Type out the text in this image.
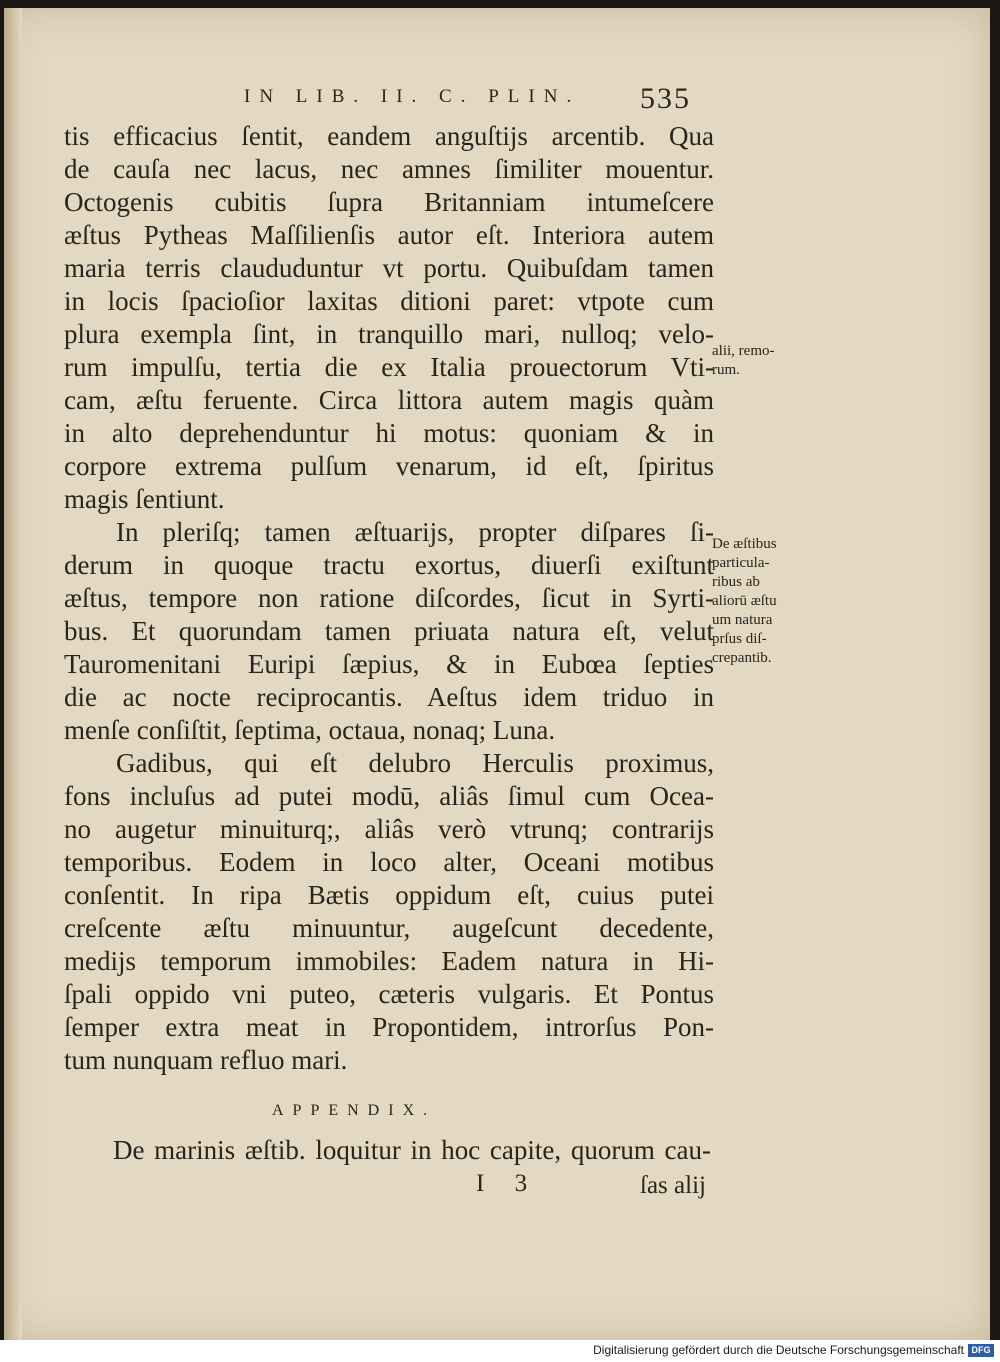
IN LIB. II. C. PLIN. 535
tis efficacius ſentit, eandem anguſtijs arcentib. Qua
de cauſa nec lacus, nec amnes ſimiliter mouentur.
Octogenis cubitis ſupra Britanniam intumeſcere
æſtus Pytheas Maſſilienſis autor eſt. Interiora autem
maria terris claududuntur vt portu. Quibuſdam tamen
in locis ſpacioſior laxitas ditioni paret: vtpote cum
plura exempla ſint, in tranquillo mari, nulloq; velo-
rum impulſu, tertia die ex Italia prouectorum Vti-
cam, æſtu feruente. Circa littora autem magis quàm
in alto deprehenduntur hi motus: quoniam & in
corpore extrema pulſum venarum, id eſt, ſpiritus
magis ſentiunt.
In pleriſq; tamen æſtuarijs, propter diſpares ſi-
derum in quoque tractu exortus, diuerſi exiſtunt
æſtus, tempore non ratione diſcordes, ſicut in Syrti-
bus. Et quorundam tamen priuata natura eſt, velut
Tauromenitani Euripi ſæpius, & in Eubœa ſepties
die ac nocte reciprocantis. Aeſtus idem triduo in
menſe conſiſtit, ſeptima, octaua, nonaq; Luna.
Gadibus, qui eſt delubro Herculis proximus,
fons incluſus ad putei modū, aliâs ſimul cum Ocea-
no augetur minuiturq;, aliâs verò vtrunq; contrarijs
temporibus. Eodem in loco alter, Oceani motibus
conſentit. In ripa Bætis oppidum eſt, cuius putei
creſcente æſtu minuuntur, augeſcunt decedente,
medijs temporum immobiles: Eadem natura in Hi-
ſpali oppido vni puteo, cæteris vulgaris. Et Pontus
ſemper extra meat in Propontidem, introrſus Pon-
tum nunquam refluo mari.
alii, remo-
rum.
De æſtibus
particula-
ribus ab
aliorū æſtu
um natura
prſus diſ-
crepantib.
APPENDIX.
De marinis æſtib. loquitur in hoc capite, quorum cau-
I 3	ſas alij
Digitalisierung gefördert durch die Deutsche Forschungsgemeinschaft DFG
